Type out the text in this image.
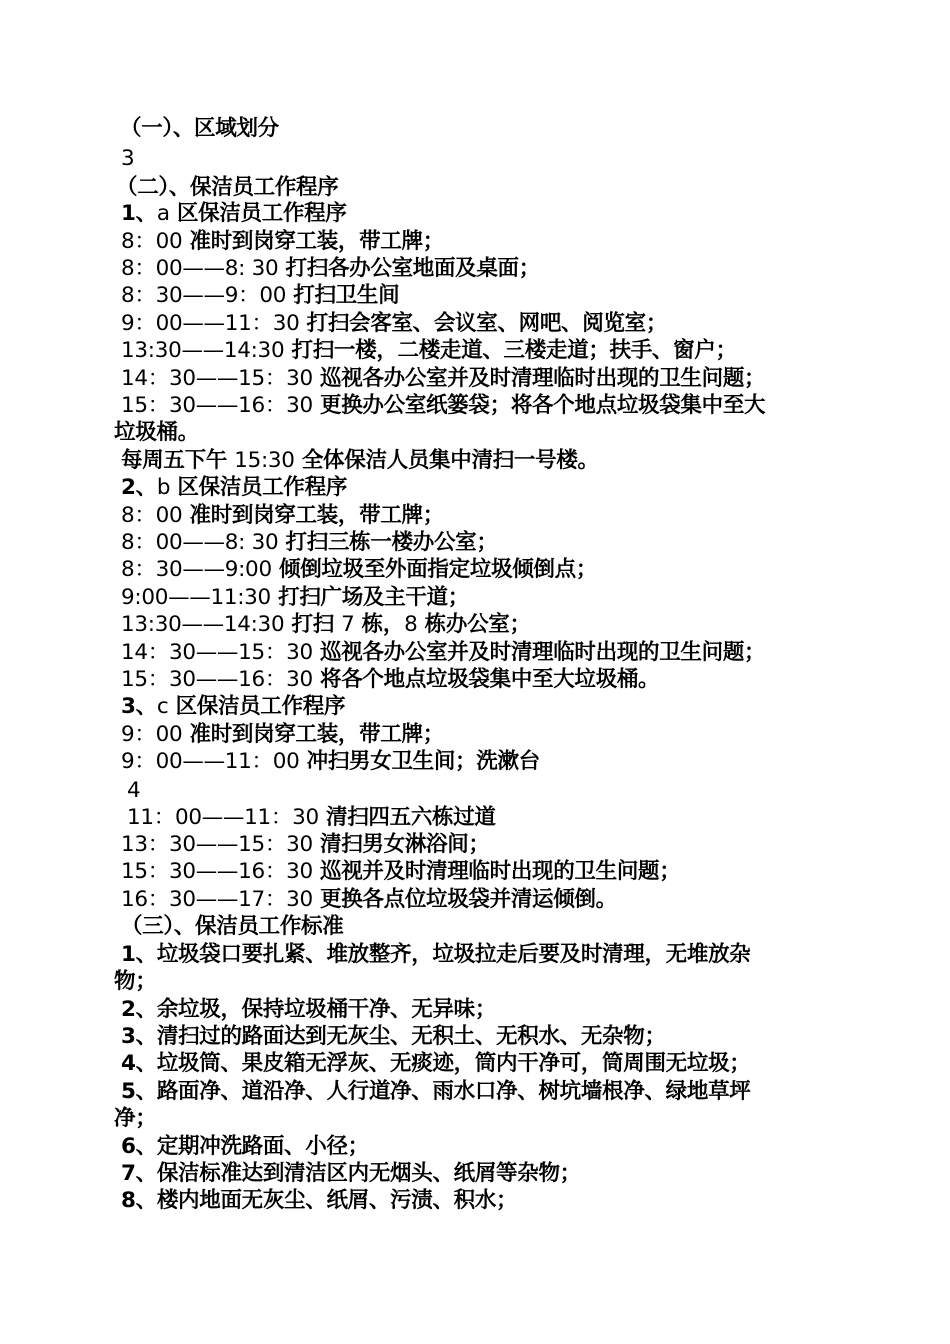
（一）、区域划分
3
（二）、保洁员工作程序
1、a 区保洁员工作程序
8：00 准时到岗穿工装，带工牌；
8：00——8: 30 打扫各办公室地面及桌面；
8：30——9：00 打扫卫生间
9：00——11：30 打扫会客室、会议室、网吧、阅览室；
13:30——14:30 打扫一楼，二楼走道、三楼走道；扶手、窗户；
14：30——15：30 巡视各办公室并及时清理临时出现的卫生问题；
15：30——16：30 更换办公室纸篓袋；将各个地点垃圾袋集中至大
垃圾桶。
每周五下午 15:30 全体保洁人员集中清扫一号楼。
2、b 区保洁员工作程序
8：00 准时到岗穿工装，带工牌；
8：00——8: 30 打扫三栋一楼办公室；
8：30——9:00 倾倒垃圾至外面指定垃圾倾倒点；
9:00——11:30 打扫广场及主干道；
13:30——14:30 打扫 7 栋，8 栋办公室；
14：30——15：30 巡视各办公室并及时清理临时出现的卫生问题；
15：30——16：30 将各个地点垃圾袋集中至大垃圾桶。
3、c 区保洁员工作程序
9：00 准时到岗穿工装，带工牌；
9：00——11：00 冲扫男女卫生间；洗漱台
4
11：00——11：30 清扫四五六栋过道
13：30——15：30 清扫男女淋浴间；
15：30——16：30 巡视并及时清理临时出现的卫生问题；
16：30——17：30 更换各点位垃圾袋并清运倾倒。
（三）、保洁员工作标准
1、垃圾袋口要扎紧、堆放整齐，垃圾拉走后要及时清理，无堆放杂
物；
2、余垃圾，保持垃圾桶干净、无异味；
3、清扫过的路面达到无灰尘、无积土、无积水、无杂物；
4、垃圾筒、果皮箱无浮灰、无痰迹，筒内干净可，筒周围无垃圾；
5、路面净、道沿净、人行道净、雨水口净、树坑墙根净、绿地草坪
净；
6、定期冲洗路面、小径；
7、保洁标准达到清洁区内无烟头、纸屑等杂物；
8、楼内地面无灰尘、纸屑、污渍、积水；
